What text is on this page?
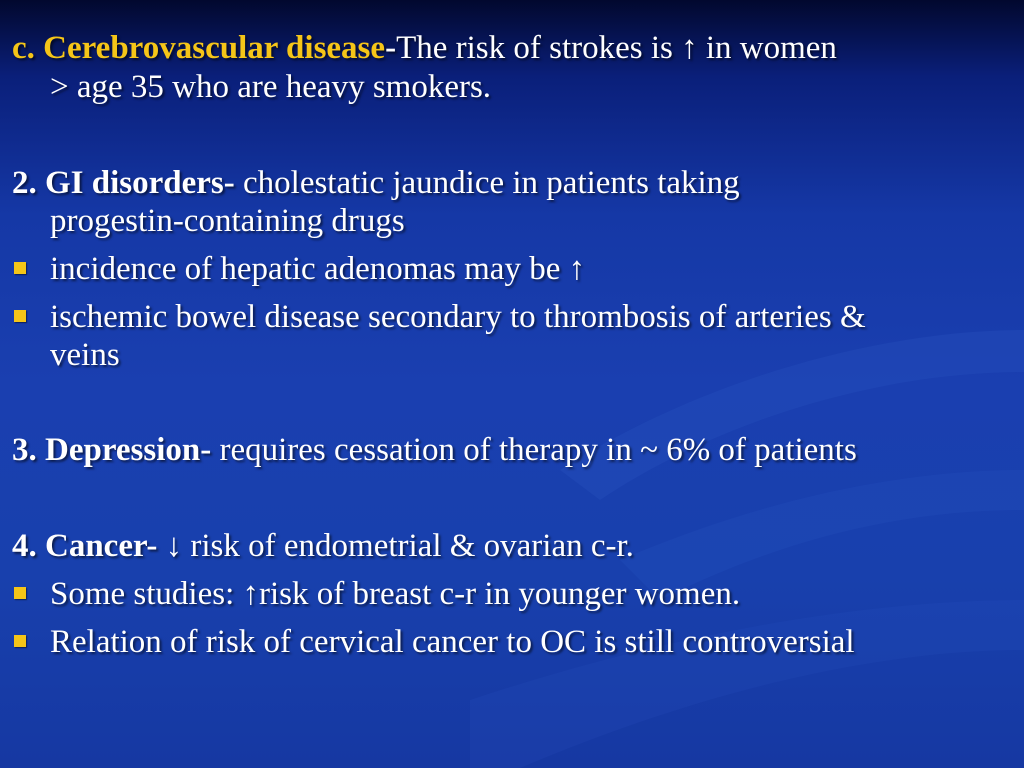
c. Cerebrovascular disease-The risk of strokes is ↑ in women
> age 35 who are heavy smokers.
2. GI disorders- cholestatic jaundice in patients taking
progestin-containing drugs
incidence of hepatic adenomas may be ↑
ischemic bowel disease secondary to thrombosis of arteries &
veins
3. Depression- requires cessation of therapy in ~ 6% of patients
4. Cancer- ↓ risk of endometrial & ovarian c-r.
Some studies: ↑risk of breast c-r in younger women.
Relation of risk of cervical cancer to OC is still controversial
